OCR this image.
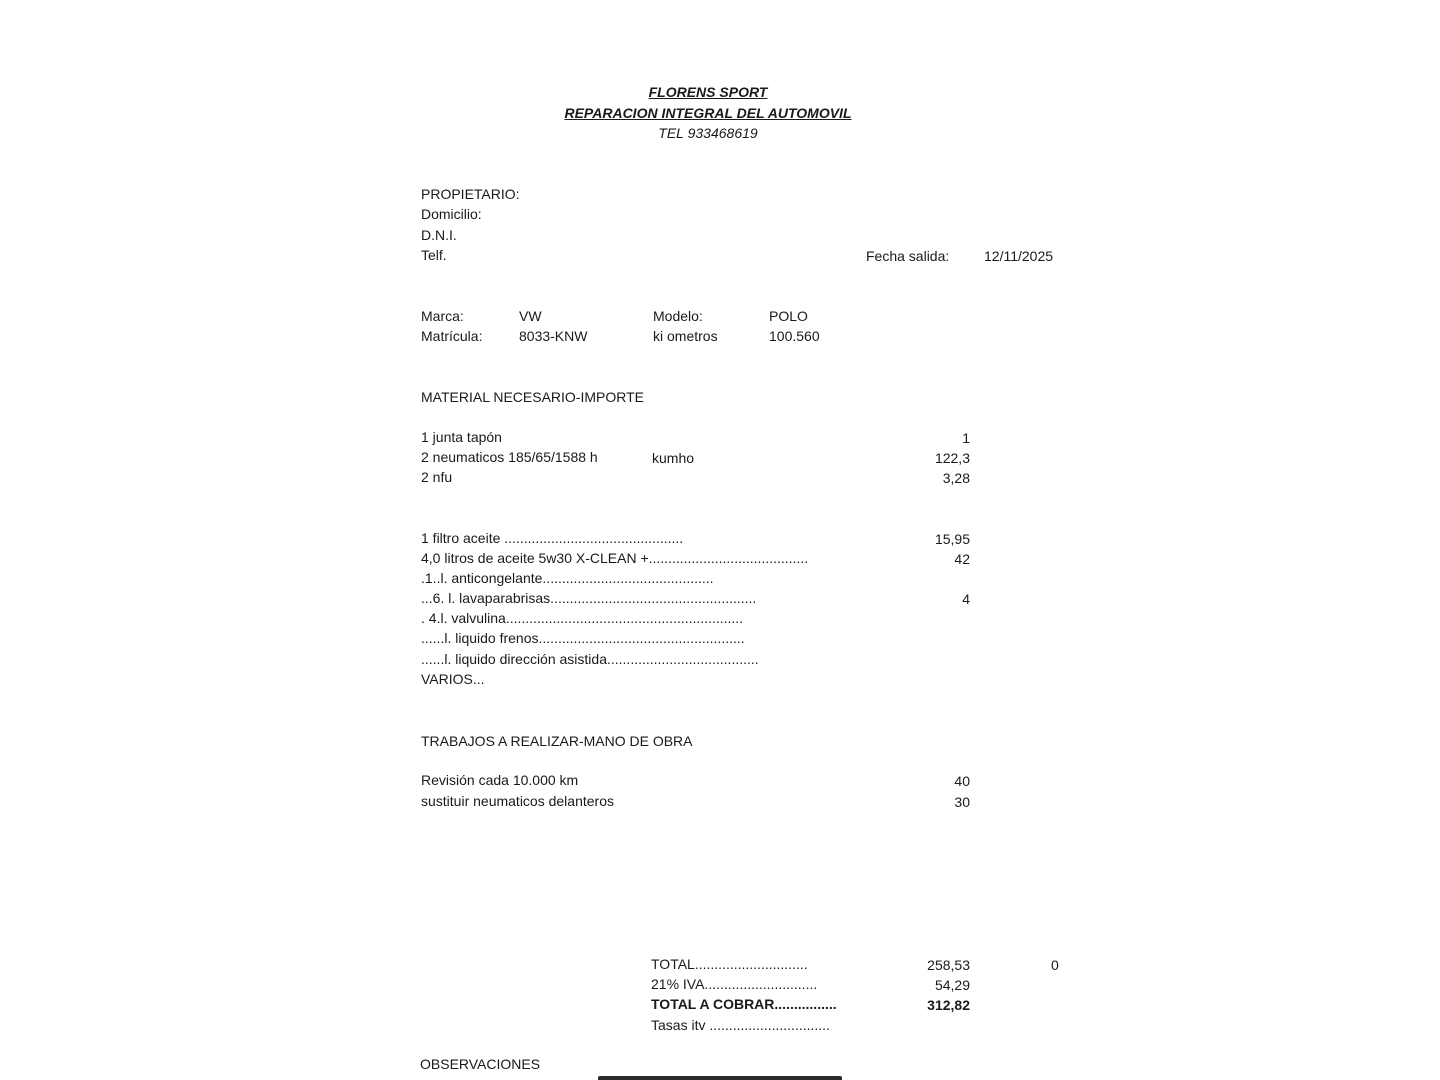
FLORENS SPORT
REPARACION INTEGRAL DEL AUTOMOVIL
TEL 933468619
PROPIETARIO:
Domicilio:
D.N.I.
Telf.	Fecha salida: 12/11/2025
Marca:	VW	Modelo:	POLO
Matrícula:	8033-KNW	ki ometros	100.560
MATERIAL NECESARIO-IMPORTE
1 junta tapón	1
2 neumaticos 185/65/1588 h	kumho	122,3
2 nfu	3,28
1 filtro aceite ..............................................	15,95
4,0 litros de aceite 5w30 X-CLEAN +.........................................	42
.1..l. anticongelante............................................
...6. l. lavaparabrisas.....................................................	4
. 4.l. valvulina.............................................................
......l. liquido frenos.....................................................
......l. liquido dirección asistida.......................................
VARIOS...
TRABAJOS A REALIZAR-MANO DE OBRA
Revisión cada 10.000 km	40
sustituir neumaticos delanteros	30
TOTAL.............................	258,53	0
21% IVA.............................	54,29
TOTAL A COBRAR................	312,82
Tasas itv ...............................
OBSERVACIONES
